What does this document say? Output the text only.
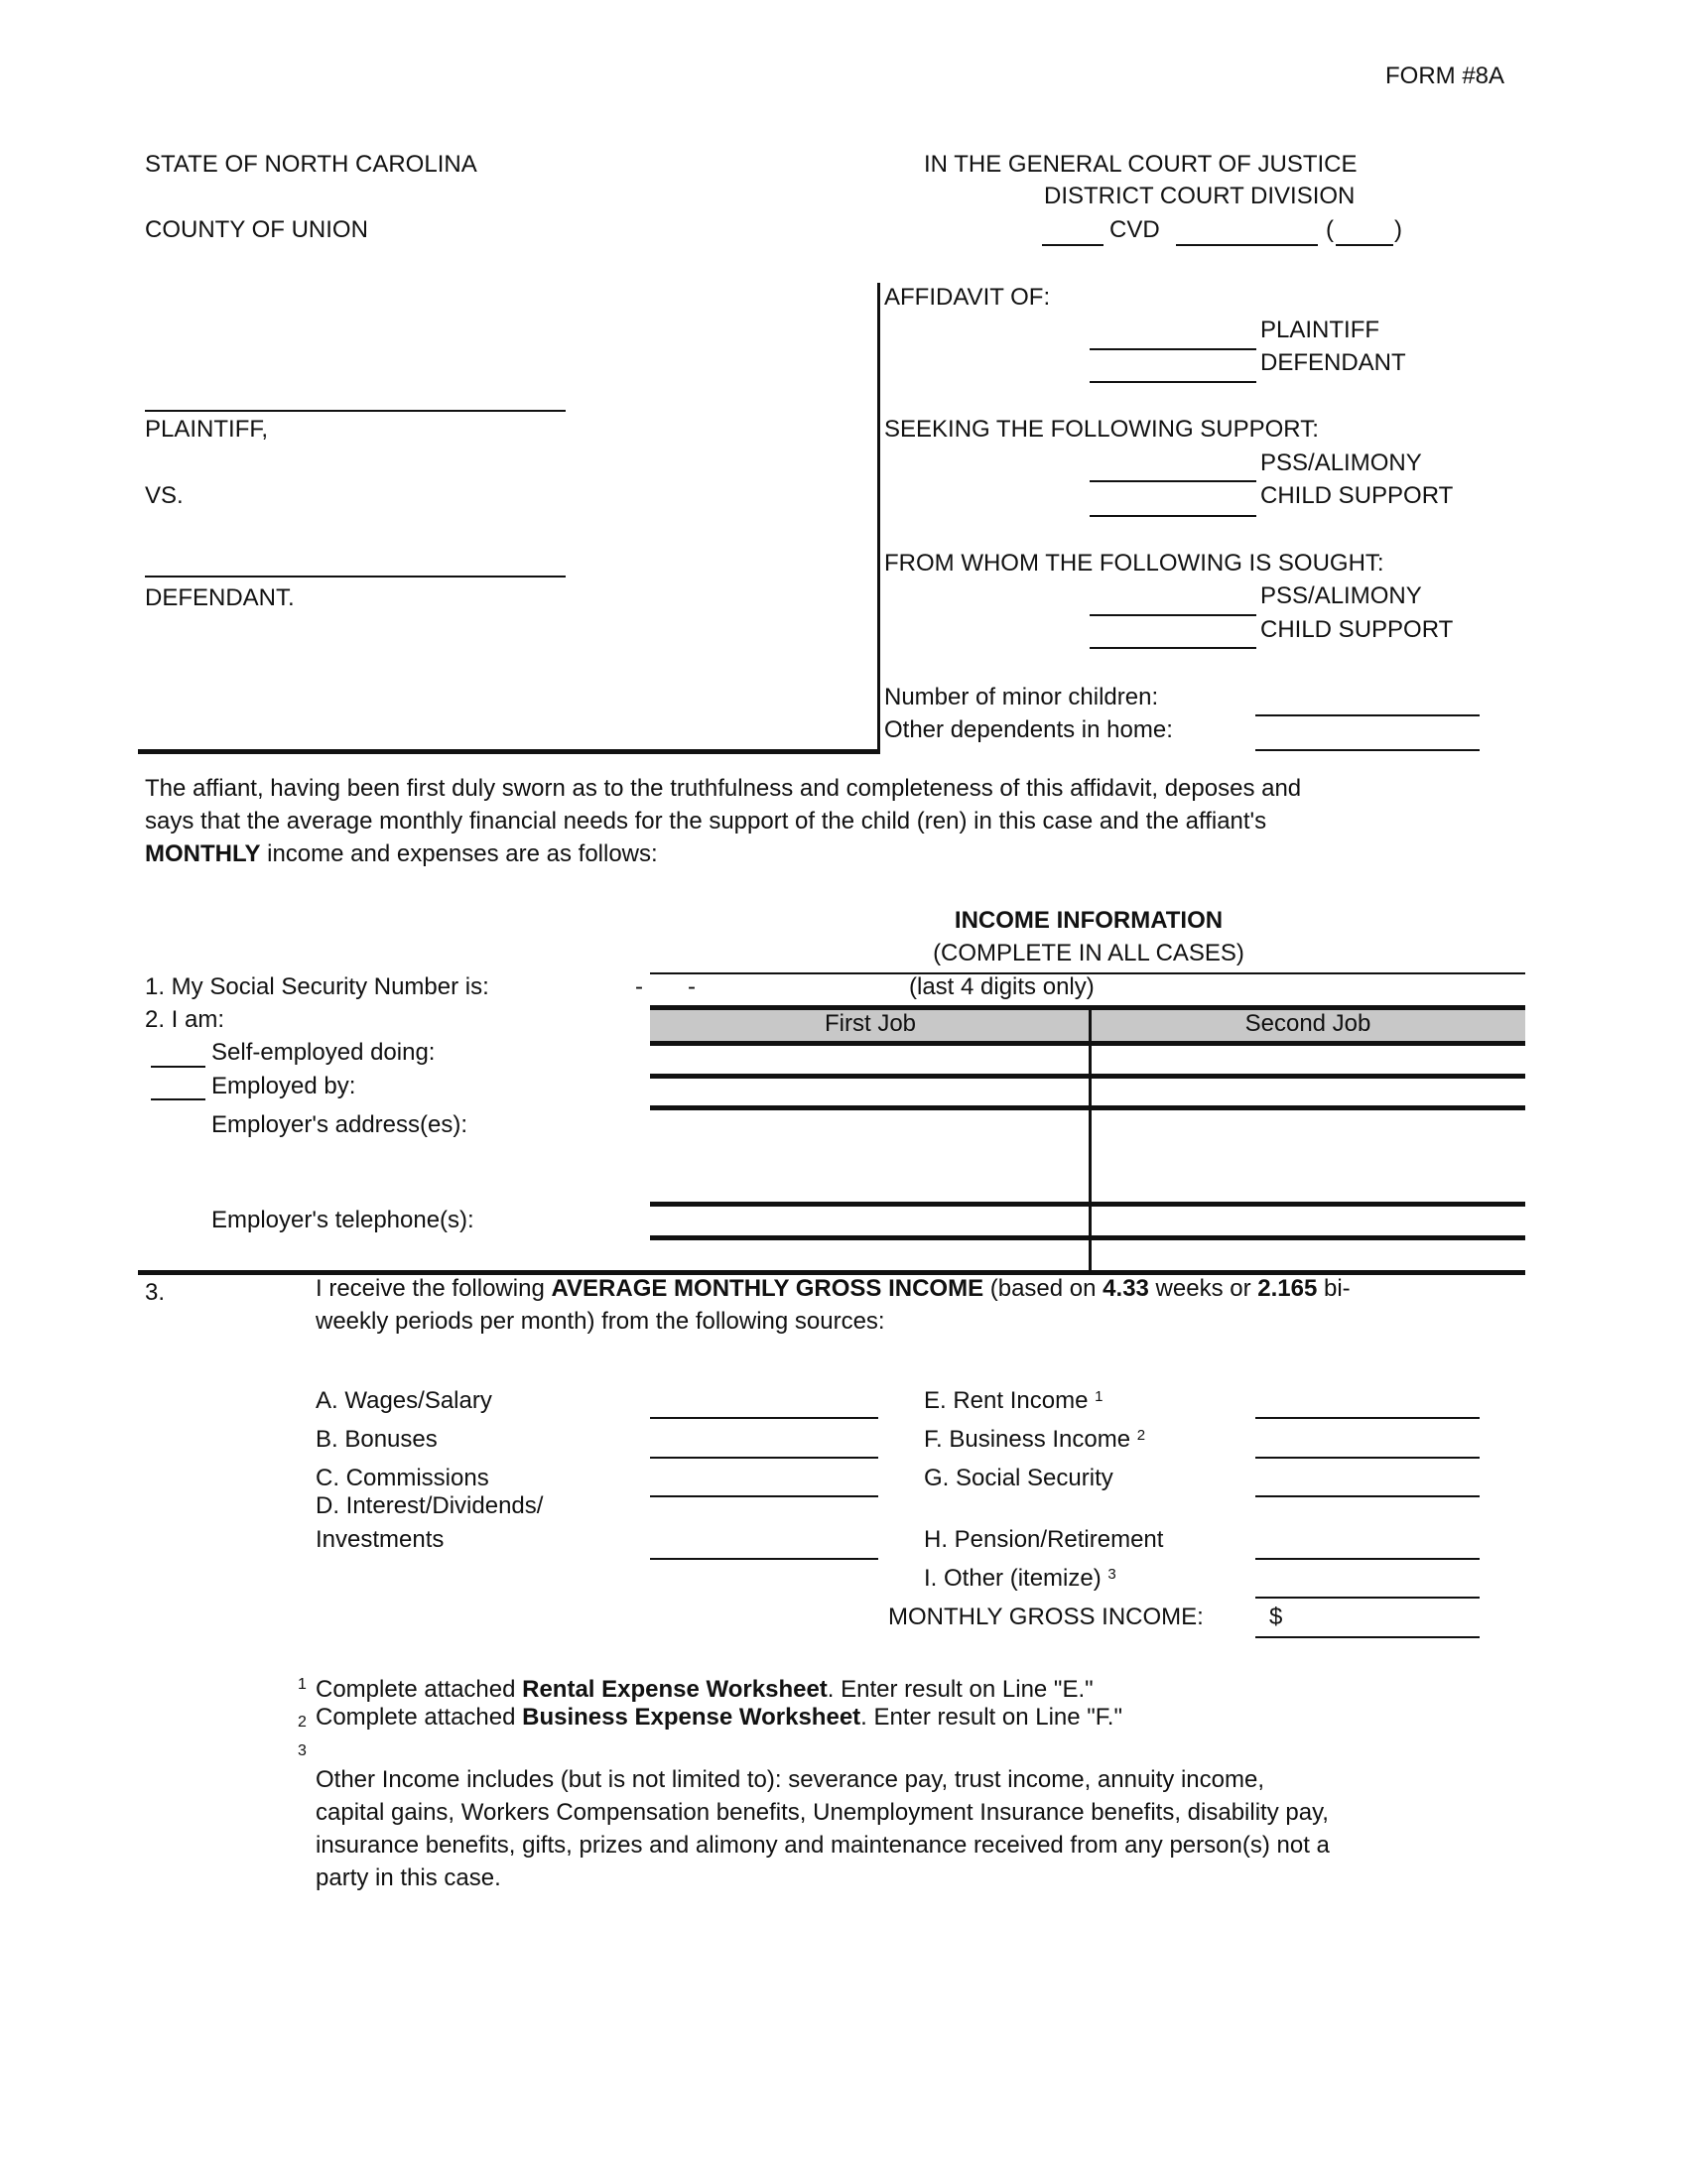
FORM #8A
STATE OF NORTH CAROLINA
COUNTY OF UNION
IN THE GENERAL COURT OF JUSTICE
DISTRICT COURT DIVISION
CVD	(	)
PLAINTIFF,
VS.
DEFENDANT.
AFFIDAVIT OF:
PLAINTIFF
DEFENDANT
SEEKING THE FOLLOWING SUPPORT:
PSS/ALIMONY
CHILD SUPPORT
FROM WHOM THE FOLLOWING IS SOUGHT:
PSS/ALIMONY
CHILD SUPPORT
Number of minor children:
Other dependents in home:
The affiant, having been first duly sworn as to the truthfulness and completeness of this affidavit, deposes and
says that the average monthly financial needs for the support of the child (ren) in this case and the affiant's
MONTHLY income and expenses are as follows:
INCOME INFORMATION
(COMPLETE IN ALL CASES)
1. My Social Security Number is:	- -	(last 4 digits only)
First Job	Second Job
2. I am:
Self-employed doing:
Employed by:
Employer's address(es):
Employer's telephone(s):
3.	I receive the following AVERAGE MONTHLY GROSS INCOME (based on 4.33 weeks or 2.165 bi-
weekly periods per month) from the following sources:
A. Wages/Salary
B. Bonuses
C. Commissions
D. Interest/Dividends/
Investments
E. Rent Income $^1$
F. Business Income $^2$
G. Social Security
H. Pension/Retirement
I. Other (itemize) $^3$
MONTHLY GROSS INCOME:	$
1 Complete attached Rental Expense Worksheet. Enter result on Line "E."
2 Complete attached Business Expense Worksheet. Enter result on Line "F."
3
Other Income includes (but is not limited to): severance pay, trust income, annuity income,
capital gains, Workers Compensation benefits, Unemployment Insurance benefits, disability pay,
insurance benefits, gifts, prizes and alimony and maintenance received from any person(s) not a
party in this case.
